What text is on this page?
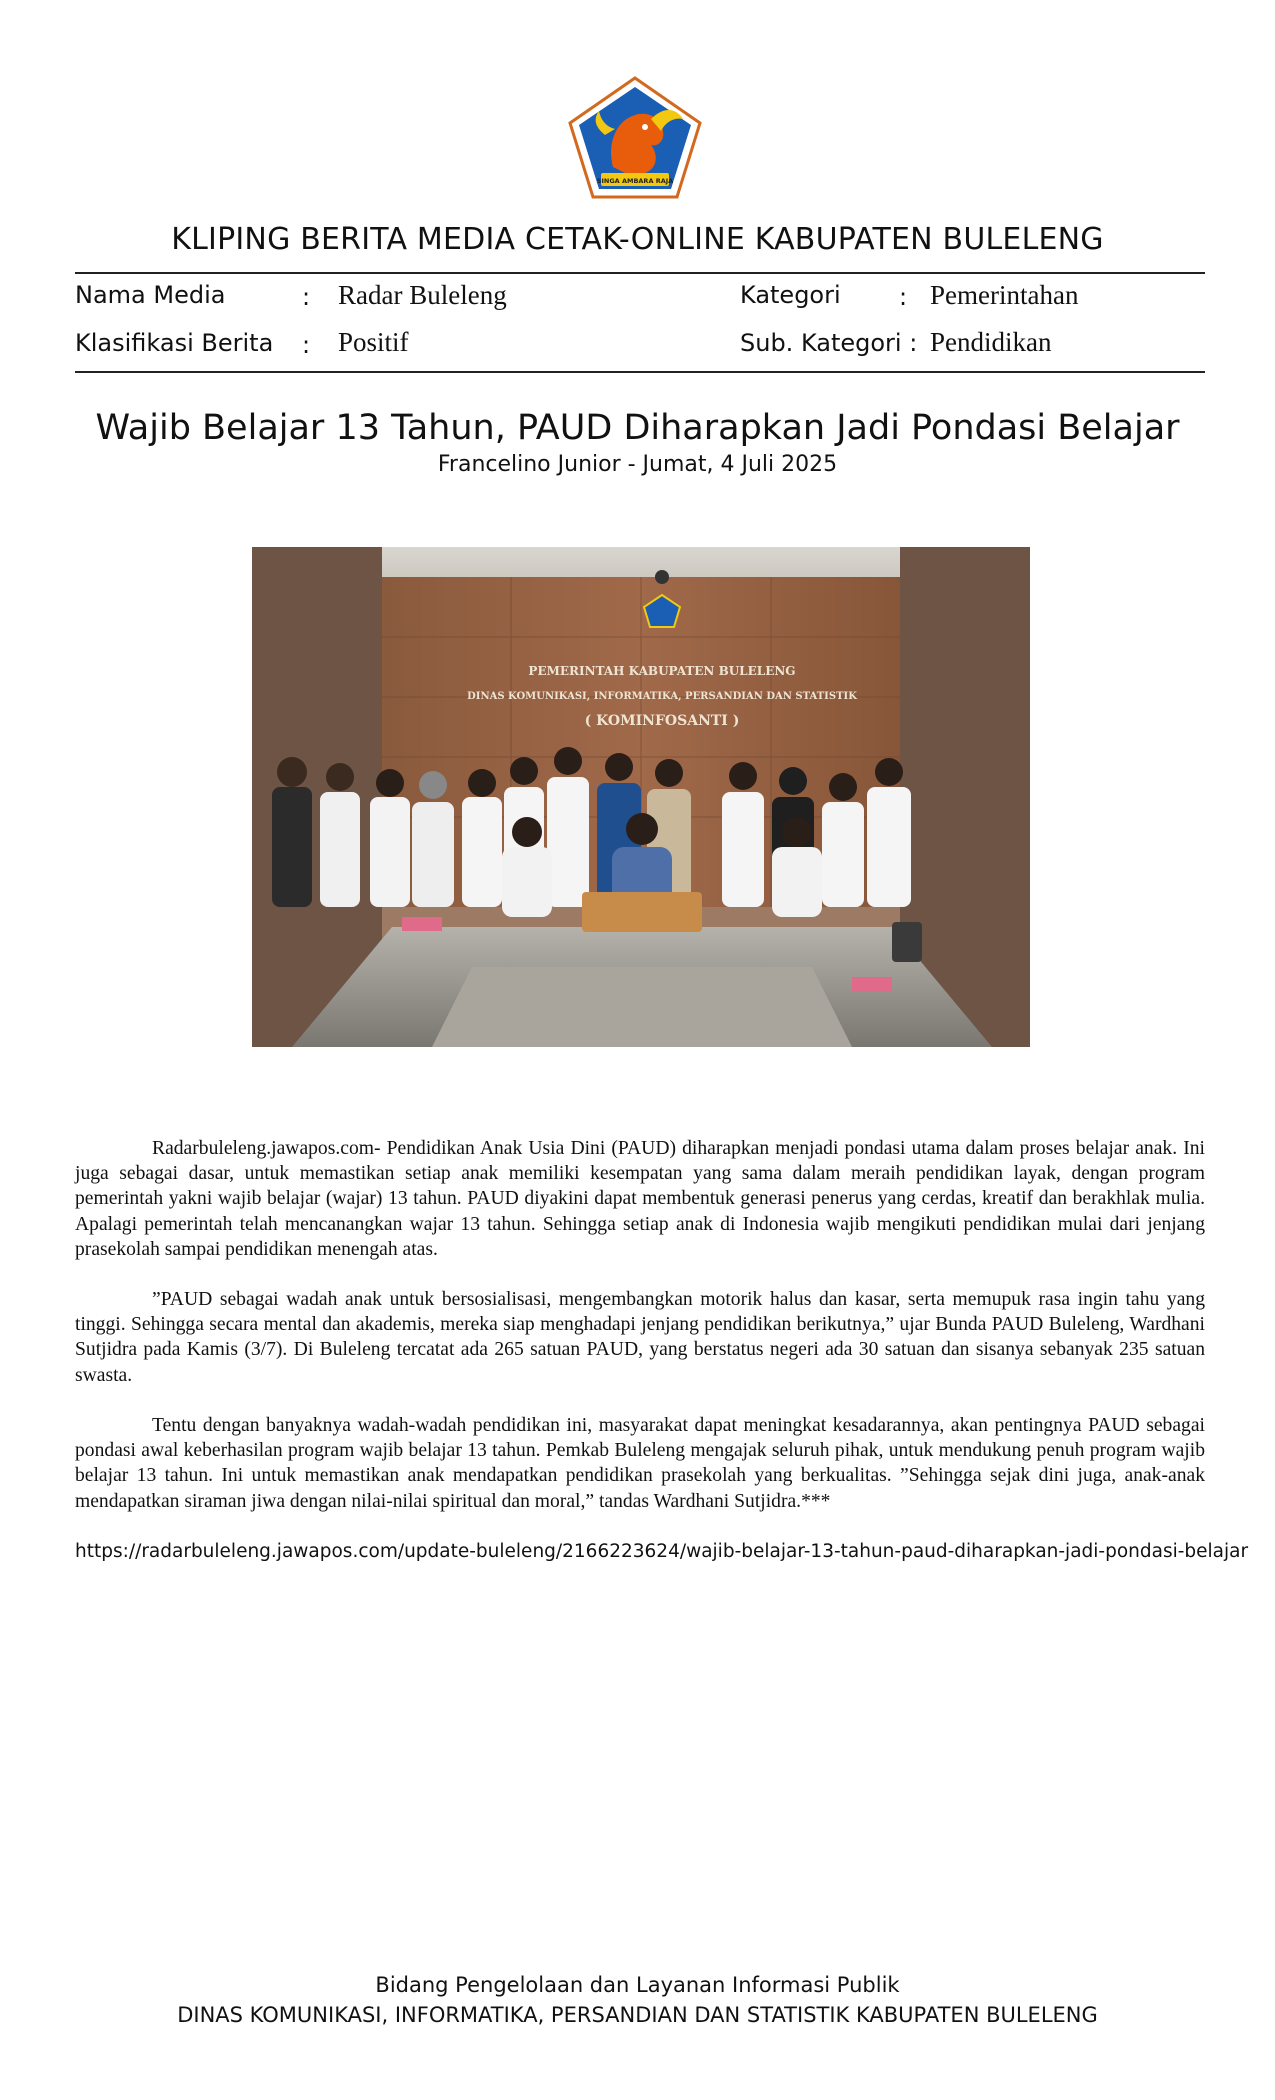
SINGA AMBARA RAJA
KLIPING BERITA MEDIA CETAK-ONLINE KABUPATEN BULELENG
Nama Media	: Radar Buleleng	Kategori : Pemerintahan
Klasifikasi Berita : Positif	Sub. Kategori : Pendidikan
Wajib Belajar 13 Tahun, PAUD Diharapkan Jadi Pondasi Belajar
Francelino Junior - Jumat, 4 Juli 2025
PEMERINTAH KABUPATEN BULELENG
DINAS KOMUNIKASI, INFORMATIKA, PERSANDIAN DAN STATISTIK
( KOMINFOSANTI )

Radarbuleleng.jawapos.com- Pendidikan Anak Usia Dini (PAUD) diharapkan menjadi pondasi utama dalam proses belajar anak. Ini juga sebagai dasar, untuk memastikan setiap anak memiliki kesempatan yang sama dalam meraih pendidikan layak, dengan program pemerintah yakni wajib belajar (wajar) 13 tahun. PAUD diyakini dapat membentuk generasi penerus yang cerdas, kreatif dan berakhlak mulia. Apalagi pemerintah telah mencanangkan wajar 13 tahun. Sehingga setiap anak di Indonesia wajib mengikuti pendidikan mulai dari jenjang prasekolah sampai pendidikan menengah atas.

”PAUD sebagai wadah anak untuk bersosialisasi, mengembangkan motorik halus dan kasar, serta memupuk rasa ingin tahu yang tinggi. Sehingga secara mental dan akademis, mereka siap menghadapi jenjang pendidikan berikutnya,” ujar Bunda PAUD Buleleng, Wardhani Sutjidra pada Kamis (3/7). Di Buleleng tercatat ada 265 satuan PAUD, yang berstatus negeri ada 30 satuan dan sisanya sebanyak 235 satuan swasta.

Tentu dengan banyaknya wadah-wadah pendidikan ini, masyarakat dapat meningkat kesadarannya, akan pentingnya PAUD sebagai pondasi awal keberhasilan program wajib belajar 13 tahun. Pemkab Buleleng mengajak seluruh pihak, untuk mendukung penuh program wajib belajar 13 tahun. Ini untuk memastikan anak mendapatkan pendidikan prasekolah yang berkualitas. ”Sehingga sejak dini juga, anak-anak mendapatkan siraman jiwa dengan nilai-nilai spiritual dan moral,” tandas Wardhani Sutjidra.***

https://radarbuleleng.jawapos.com/update-buleleng/2166223624/wajib-belajar-13-tahun-paud-diharapkan-jadi-pondasi-belajar
Bidang Pengelolaan dan Layanan Informasi Publik
DINAS KOMUNIKASI, INFORMATIKA, PERSANDIAN DAN STATISTIK KABUPATEN BULELENG
